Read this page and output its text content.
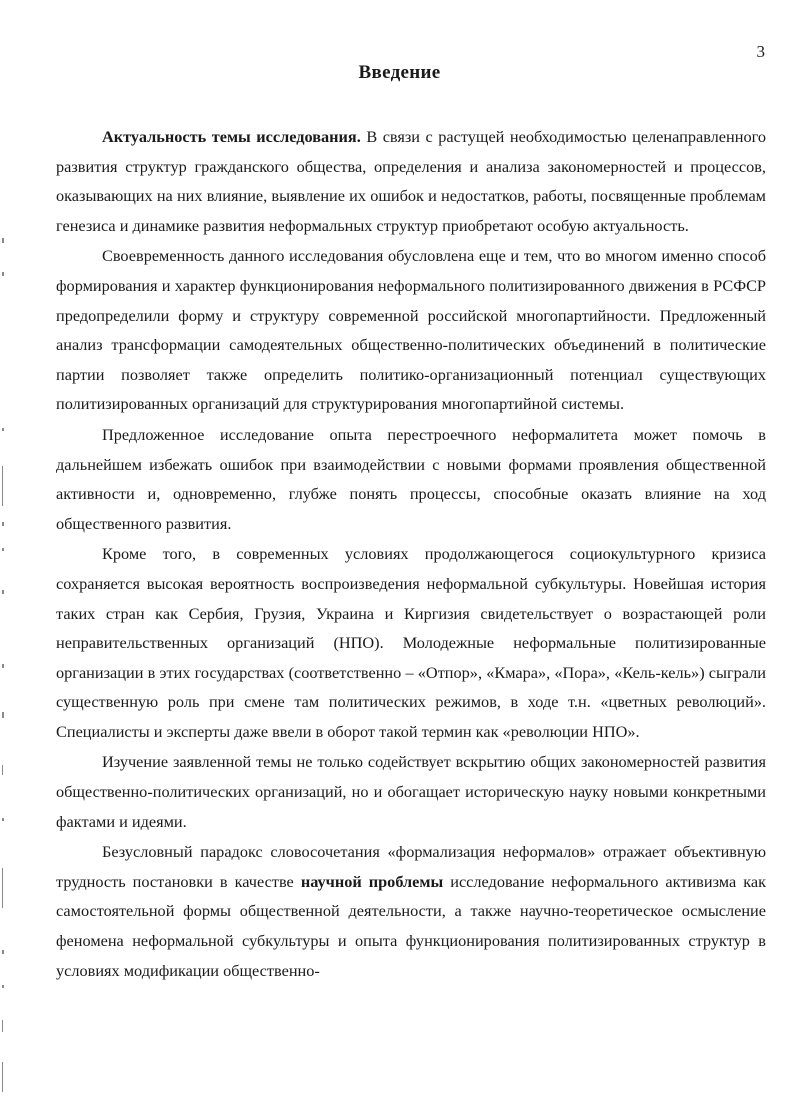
3
Введение

Актуальность темы исследования. В связи с растущей необходимостью целенаправленного развития структур гражданского общества, определения и анализа закономерностей и процессов, оказывающих на них влияние, выявление их ошибок и недостатков, работы, посвященные проблемам генезиса и динамике развития неформальных структур приобретают особую актуальность.

Своевременность данного исследования обусловлена еще и тем, что во многом именно способ формирования и характер функционирования неформального политизированного движения в РСФСР предопределили форму и структуру современной российской многопартийности. Предложенный анализ трансформации самодеятельных общественно-политических объединений в политические партии позволяет также определить политико-организационный потенциал существующих политизированных организаций для структурирования многопартийной системы.

Предложенное исследование опыта перестроечного неформалитета может помочь в дальнейшем избежать ошибок при взаимодействии с новыми формами проявления общественной активности и, одновременно, глубже понять процессы, способные оказать влияние на ход общественного развития.

Кроме того, в современных условиях продолжающегося социокультурного кризиса сохраняется высокая вероятность воспроизведения неформальной субкультуры. Новейшая история таких стран как Сербия, Грузия, Украина и Киргизия свидетельствует о возрастающей роли неправительственных организаций (НПО). Молодежные неформальные политизированные организации в этих государствах (соответственно – «Отпор», «Кмара», «Пора», «Кель-кель») сыграли существенную роль при смене там политических режимов, в ходе т.н. «цветных революций». Специалисты и эксперты даже ввели в оборот такой термин как «революции НПО».

Изучение заявленной темы не только содействует вскрытию общих закономерностей развития общественно-политических организаций, но и обогащает историческую науку новыми конкретными фактами и идеями.

Безусловный парадокс словосочетания «формализация неформалов» отражает объективную трудность постановки в качестве научной проблемы исследование неформального активизма как самостоятельной формы общественной деятельности, а также научно-теоретическое осмысление феномена неформальной субкультуры и опыта функционирования политизированных структур в условиях модификации общественно-
